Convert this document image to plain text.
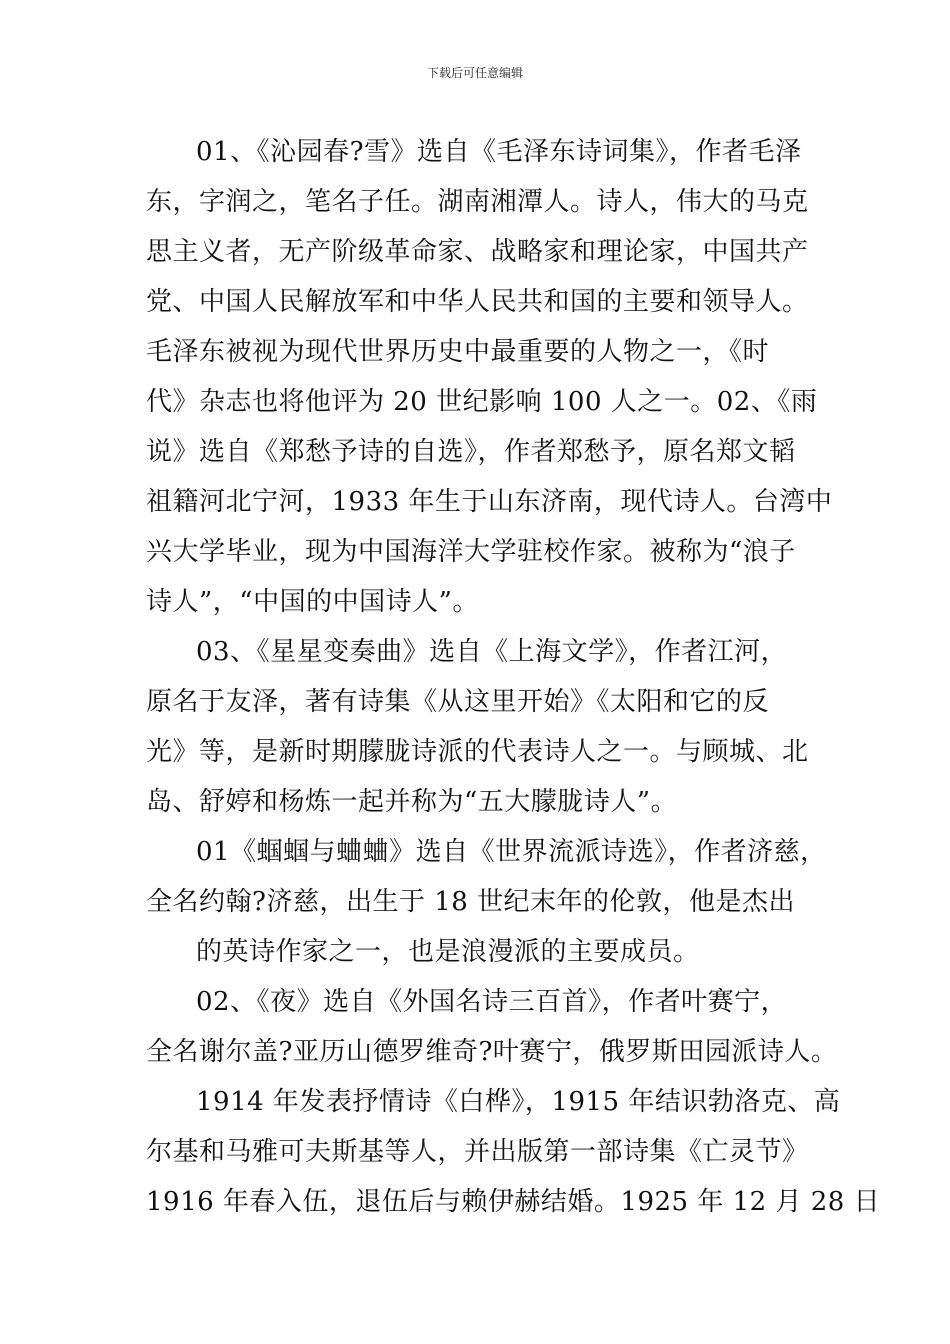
下载后可任意编辑
01、《沁园春?雪》选自《毛泽东诗词集》，作者毛泽
东，字润之，笔名子任。湖南湘潭人。诗人，伟大的马克
思主义者，无产阶级革命家、战略家和理论家，中国共产
党、中国人民解放军和中华人民共和国的主要和领导人。
毛泽东被视为现代世界历史中最重要的人物之一，《时
代》杂志也将他评为 20 世纪影响 100 人之一。02、《雨
说》选自《郑愁予诗的自选》，作者郑愁予，原名郑文韬
祖籍河北宁河，1933 年生于山东济南，现代诗人。台湾中
兴大学毕业，现为中国海洋大学驻校作家。被称为“浪子
诗人”，“中国的中国诗人”。
03、《星星变奏曲》选自《上海文学》，作者江河，
原名于友泽，著有诗集《从这里开始》《太阳和它的反
光》等，是新时期朦胧诗派的代表诗人之一。与顾城、北
岛、舒婷和杨炼一起并称为“五大朦胧诗人”。
01《蝈蝈与蛐蛐》选自《世界流派诗选》，作者济慈，
全名约翰?济慈，出生于 18 世纪末年的伦敦，他是杰出
的英诗作家之一，也是浪漫派的主要成员。
02、《夜》选自《外国名诗三百首》，作者叶赛宁，
全名谢尔盖?亚历山德罗维奇?叶赛宁，俄罗斯田园派诗人。
1914 年发表抒情诗《白桦》，1915 年结识勃洛克、高
尔基和马雅可夫斯基等人，并出版第一部诗集《亡灵节》
1916 年春入伍，退伍后与赖伊赫结婚。1925 年 12 月 28 日
